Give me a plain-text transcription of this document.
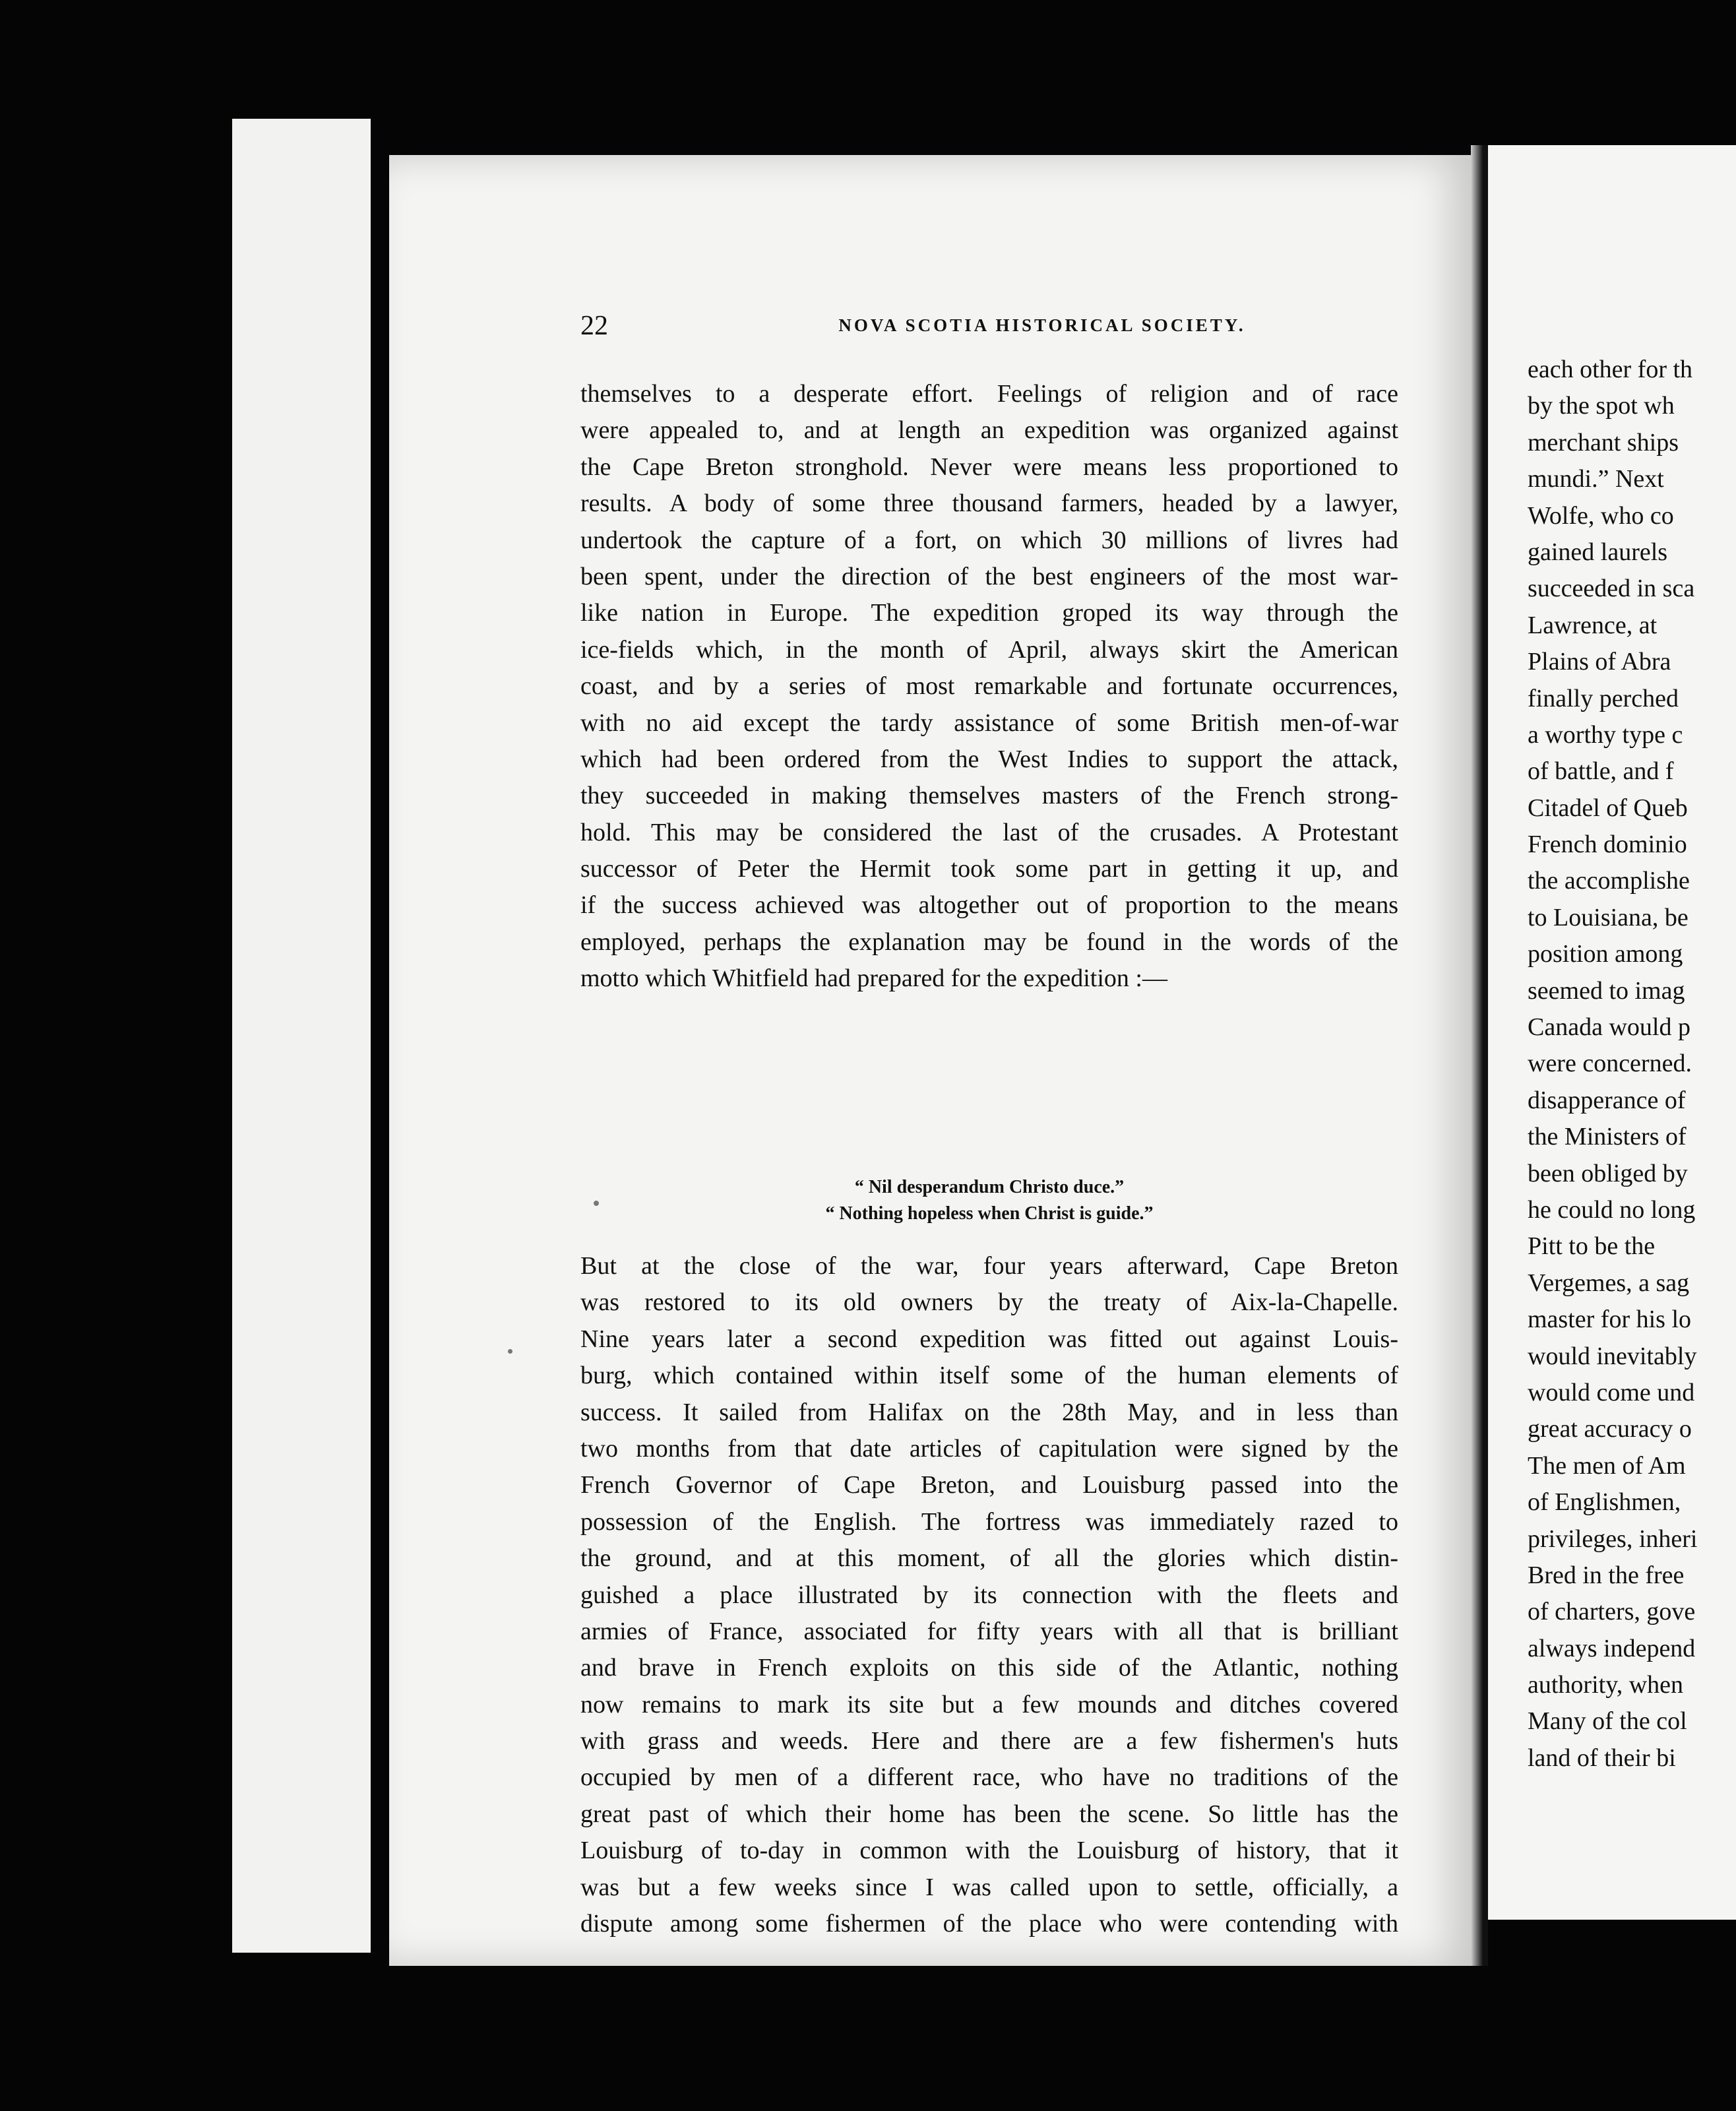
22	NOVA SCOTIA HISTORICAL SOCIETY.
themselves to a desperate effort. Feelings of religion and of race
were appealed to, and at length an expedition was organized against
the Cape Breton stronghold. Never were means less proportioned to
results. A body of some three thousand farmers, headed by a lawyer,
undertook the capture of a fort, on which 30 millions of livres had
been spent, under the direction of the best engineers of the most war-
like nation in Europe. The expedition groped its way through the
ice-fields which, in the month of April, always skirt the American
coast, and by a series of most remarkable and fortunate occurrences,
with no aid except the tardy assistance of some British men-of-war
which had been ordered from the West Indies to support the attack,
they succeeded in making themselves masters of the French strong-
hold. This may be considered the last of the crusades. A Protestant
successor of Peter the Hermit took some part in getting it up, and
if the success achieved was altogether out of proportion to the means
employed, perhaps the explanation may be found in the words of the
motto which Whitfield had prepared for the expedition :—
“ Nil desperandum Christo duce.”
“ Nothing hopeless when Christ is guide.”
But at the close of the war, four years afterward, Cape Breton
was restored to its old owners by the treaty of Aix-la-Chapelle.
Nine years later a second expedition was fitted out against Louis-
burg, which contained within itself some of the human elements of
success. It sailed from Halifax on the 28th May, and in less than
two months from that date articles of capitulation were signed by the
French Governor of Cape Breton, and Louisburg passed into the
possession of the English. The fortress was immediately razed to
the ground, and at this moment, of all the glories which distin-
guished a place illustrated by its connection with the fleets and
armies of France, associated for fifty years with all that is brilliant
and brave in French exploits on this side of the Atlantic, nothing
now remains to mark its site but a few mounds and ditches covered
with grass and weeds. Here and there are a few fishermen's huts
occupied by men of a different race, who have no traditions of the
great past of which their home has been the scene. So little has the
Louisburg of to-day in common with the Louisburg of history, that it
was but a few weeks since I was called upon to settle, officially, a
dispute among some fishermen of the place who were contending with
each other for th
by the spot wh
merchant ships
mundi.” Next
Wolfe, who co
gained laurels
succeeded in sca
Lawrence, at
Plains of Abra
finally perched
a worthy type c
of battle, and f
Citadel of Queb
French dominio
the accomplishe
to Louisiana, be
position among
seemed to imag
Canada would p
were concerned.
disapperance of
the Ministers of
been obliged by
he could no long
Pitt to be the
Vergemes, a sag
master for his lo
would inevitably
would come und
great accuracy o
The men of Am
of Englishmen,
privileges, inheri
Bred in the free
of charters, gove
always independ
authority, when
Many of the col
land of their bi
